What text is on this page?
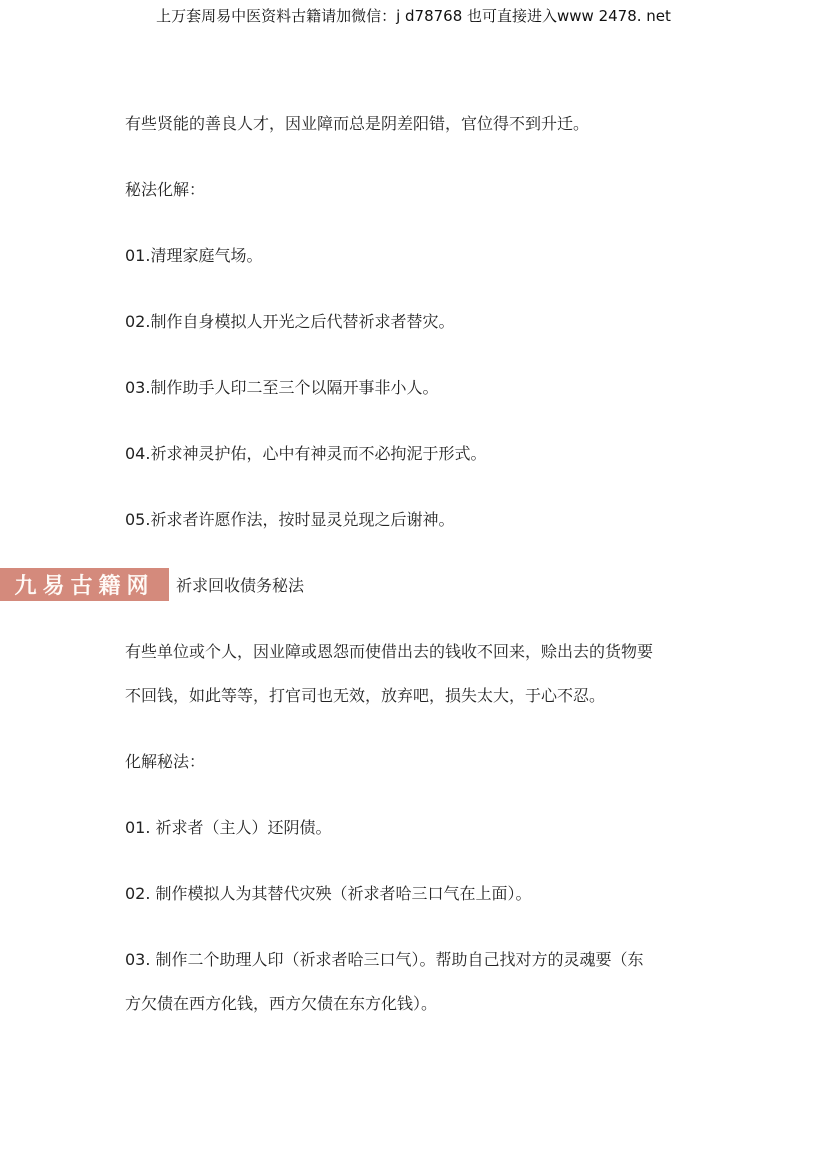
上万套周易中医资料古籍请加微信：j d78768 也可直接进入www 2478. net
有些贤能的善良人才，因业障而总是阴差阳错，官位得不到升迁。
秘法化解：
01.清理家庭气场。
02.制作自身模拟人开光之后代替祈求者替灾。
03.制作助手人印二至三个以隔开事非小人。
04.祈求神灵护佑，心中有神灵而不必拘泥于形式。
05.祈求者许愿作法，按时显灵兑现之后谢神。
有些单位或个人，因业障或恩怨而使借出去的钱收不回来，赊出去的货物要
不回钱，如此等等，打官司也无效，放弃吧，损失太大，于心不忍。
化解秘法：
01. 祈求者（主人）还阴债。
02. 制作模拟人为其替代灾殃（祈求者哈三口气在上面）。
03. 制作二个助理人印（祈求者哈三口气）。帮助自己找对方的灵魂要（东
方欠债在西方化钱，西方欠债在东方化钱）。
九易古籍网	祈求回收债务秘法
